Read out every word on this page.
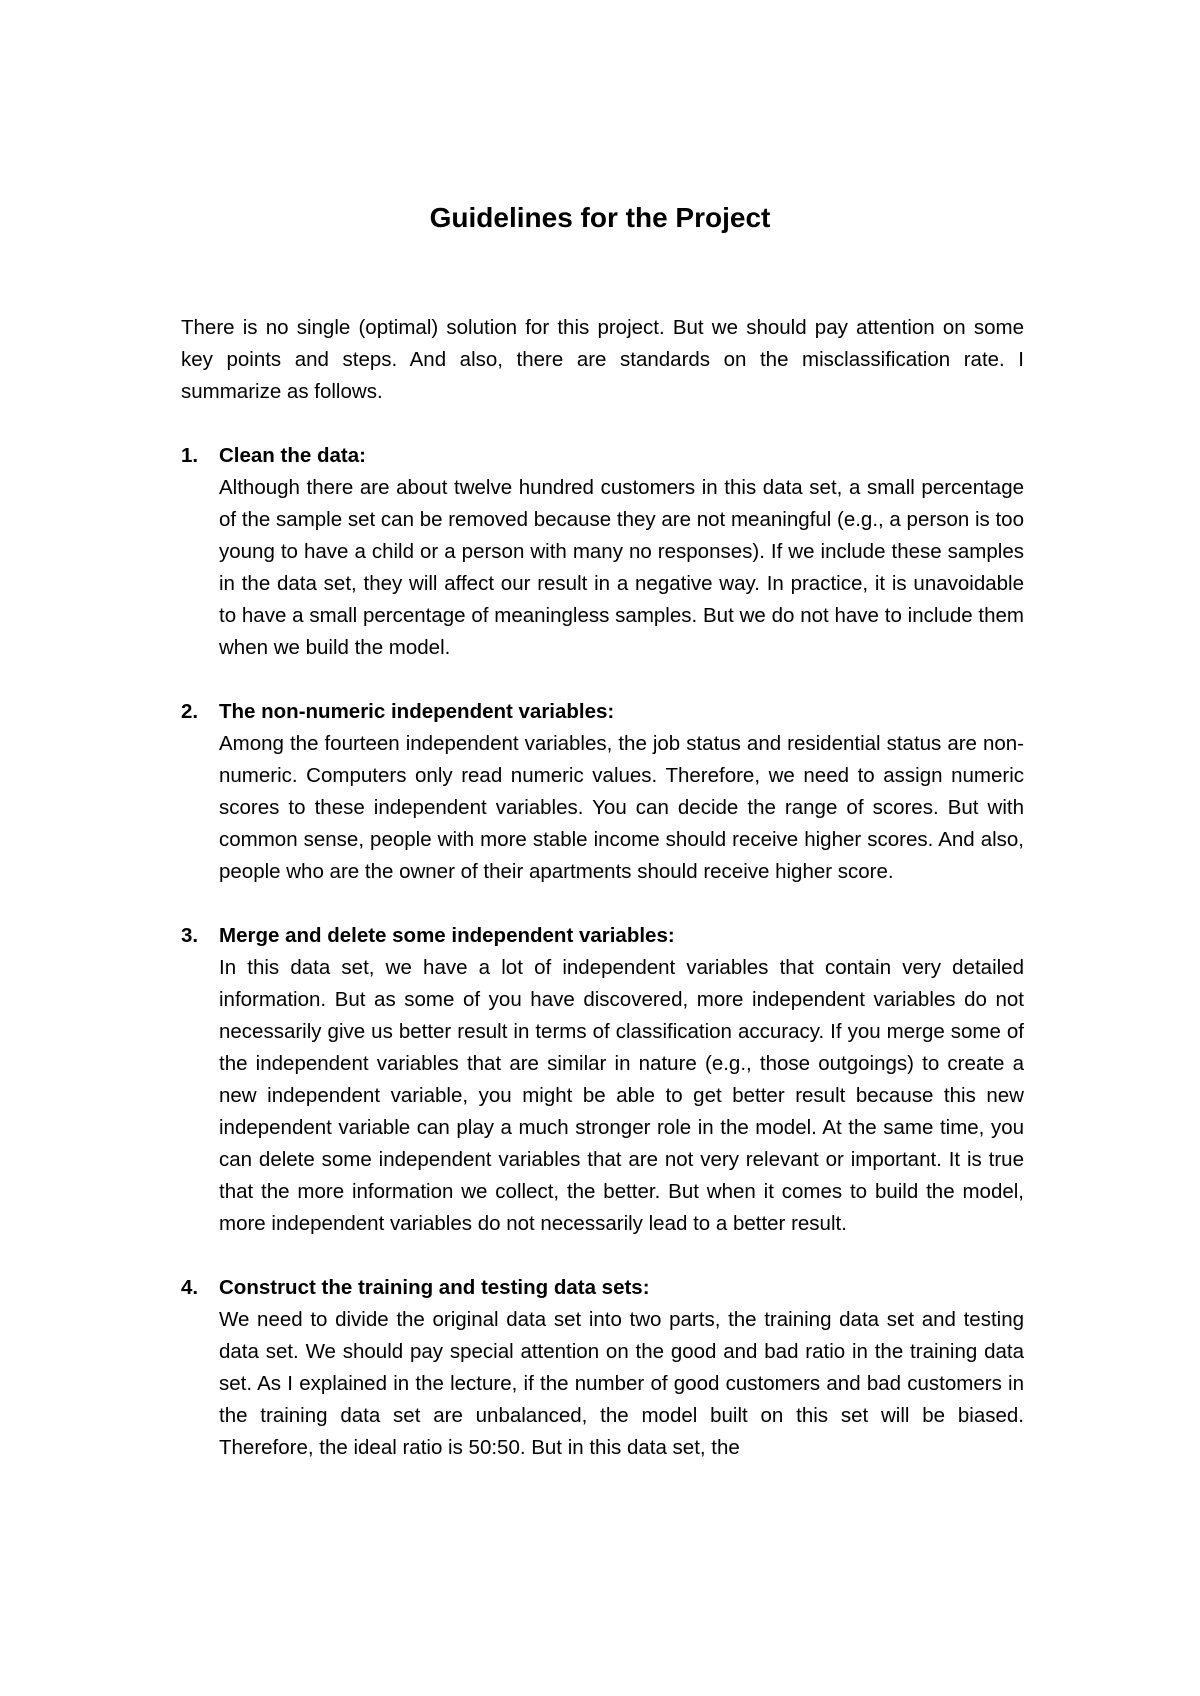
Guidelines for the Project

There is no single (optimal) solution for this project. But we should pay attention on some key points and steps. And also, there are standards on the misclassification rate. I summarize as follows.

1. Clean the data:

Although there are about twelve hundred customers in this data set, a small percentage of the sample set can be removed because they are not meaningful (e.g., a person is too young to have a child or a person with many no responses). If we include these samples in the data set, they will affect our result in a negative way. In practice, it is unavoidable to have a small percentage of meaningless samples. But we do not have to include them when we build the model.

2. The non-numeric independent variables:

Among the fourteen independent variables, the job status and residential status are non-numeric. Computers only read numeric values. Therefore, we need to assign numeric scores to these independent variables. You can decide the range of scores. But with common sense, people with more stable income should receive higher scores. And also, people who are the owner of their apartments should receive higher score.

3. Merge and delete some independent variables:

In this data set, we have a lot of independent variables that contain very detailed information. But as some of you have discovered, more independent variables do not necessarily give us better result in terms of classification accuracy. If you merge some of the independent variables that are similar in nature (e.g., those outgoings) to create a new independent variable, you might be able to get better result because this new independent variable can play a much stronger role in the model. At the same time, you can delete some independent variables that are not very relevant or important. It is true that the more information we collect, the better. But when it comes to build the model, more independent variables do not necessarily lead to a better result.

4. Construct the training and testing data sets:

We need to divide the original data set into two parts, the training data set and testing data set. We should pay special attention on the good and bad ratio in the training data set. As I explained in the lecture, if the number of good customers and bad customers in the training data set are unbalanced, the model built on this set will be biased. Therefore, the ideal ratio is 50:50. But in this data set, the
